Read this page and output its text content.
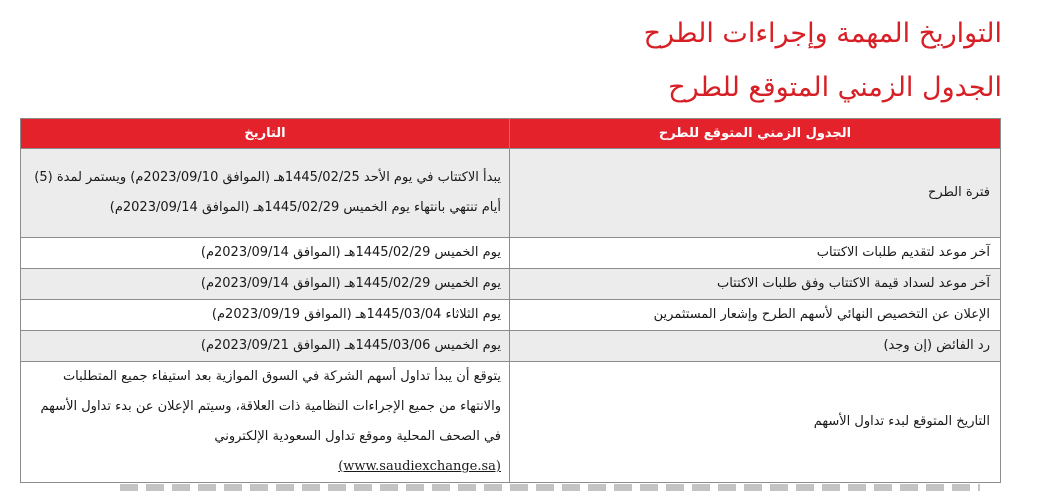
التواريخ المهمة وإجراءات الطرح
الجدول الزمني المتوقع للطرح
الجدول الزمني المتوقع للطرح	التاريخ
فترة الطرح	يبدأ الاكتتاب في يوم الأحد 1445/02/25هـ (الموافق 2023/09/10م) ويستمر لمدة (5) أيام تنتهي بانتهاء يوم الخميس 1445/02/29هـ (الموافق 2023/09/14م)
آخر موعد لتقديم طلبات الاكتتاب	يوم الخميس 1445/02/29هـ (الموافق 2023/09/14م)
آخر موعد لسداد قيمة الاكتتاب وفق طلبات الاكتتاب	يوم الخميس 1445/02/29هـ (الموافق 2023/09/14م)
الإعلان عن التخصيص النهائي لأسهم الطرح وإشعار المستثمرين	يوم الثلاثاء 1445/03/04هـ (الموافق 2023/09/19م)
رد الفائض (إن وجد)	يوم الخميس 1445/03/06هـ (الموافق 2023/09/21م)
التاريخ المتوقع لبدء تداول الأسهم	يتوقع أن يبدأ تداول أسهم الشركة في السوق الموازية بعد استيفاء جميع المتطلبات والانتهاء من جميع الإجراءات النظامية ذات العلاقة، وسيتم الإعلان عن بدء تداول الأسهم في الصحف المحلية وموقع تداول السعودية الإلكتروني
(www.saudiexchange.sa)
